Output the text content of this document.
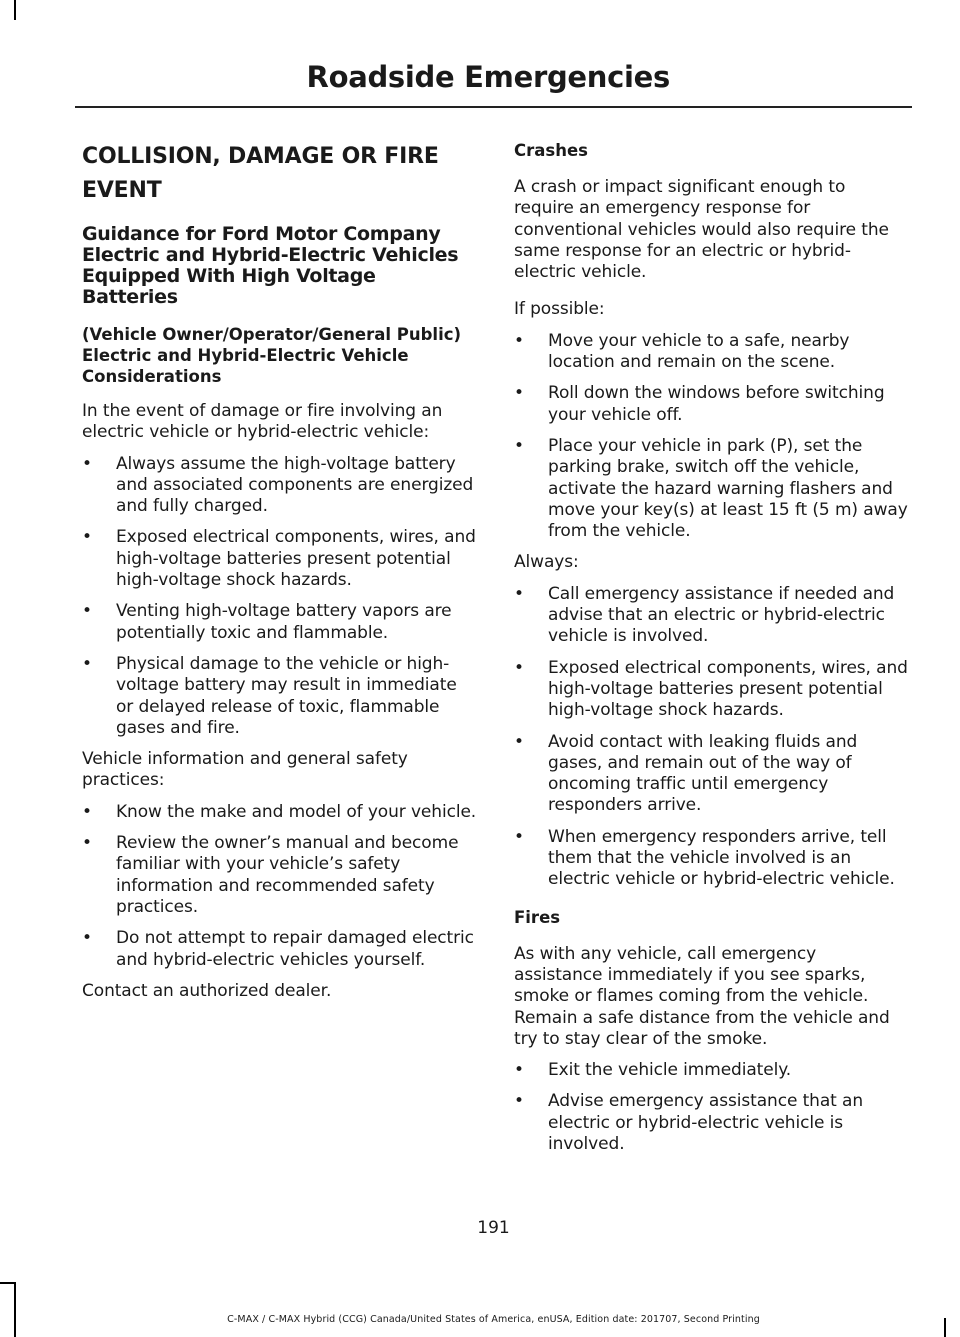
Roadside Emergencies
COLLISION, DAMAGE OR FIRE
EVENT
Guidance for Ford Motor Company Electric and Hybrid-Electric Vehicles Equipped With High Voltage Batteries
(Vehicle Owner/Operator/General Public)
Electric and Hybrid-Electric Vehicle Considerations

In the event of damage or fire involving an electric vehicle or hybrid-electric vehicle:

• Always assume the high-voltage battery and associated components are energized and fully charged.
• Exposed electrical components, wires, and high-voltage batteries present potential high-voltage shock hazards.
• Venting high-voltage battery vapors are potentially toxic and flammable.
• Physical damage to the vehicle or high-voltage battery may result in immediate or delayed release of toxic, flammable gases and fire.

Vehicle information and general safety practices:

• Know the make and model of your vehicle.
• Review the owner’s manual and become familiar with your vehicle’s safety information and recommended safety practices.
• Do not attempt to repair damaged electric and hybrid-electric vehicles yourself.

Contact an authorized dealer.

Crashes

A crash or impact significant enough to require an emergency response for conventional vehicles would also require the same response for an electric or hybrid-electric vehicle.

If possible:

• Move your vehicle to a safe, nearby location and remain on the scene.
• Roll down the windows before switching your vehicle off.
• Place your vehicle in park (P), set the parking brake, switch off the vehicle, activate the hazard warning flashers and move your key(s) at least 15 ft (5 m) away from the vehicle.

Always:

• Call emergency assistance if needed and advise that an electric or hybrid-electric vehicle is involved.
• Exposed electrical components, wires, and high-voltage batteries present potential high-voltage shock hazards.
• Avoid contact with leaking fluids and gases, and remain out of the way of oncoming traffic until emergency responders arrive.
• When emergency responders arrive, tell them that the vehicle involved is an electric vehicle or hybrid-electric vehicle.
Fires

As with any vehicle, call emergency assistance immediately if you see sparks, smoke or flames coming from the vehicle. Remain a safe distance from the vehicle and try to stay clear of the smoke.

• Exit the vehicle immediately.
• Advise emergency assistance that an electric or hybrid-electric vehicle is involved.
191
C-MAX / C-MAX Hybrid (CCG) Canada/United States of America, enUSA, Edition date: 201707, Second Printing
